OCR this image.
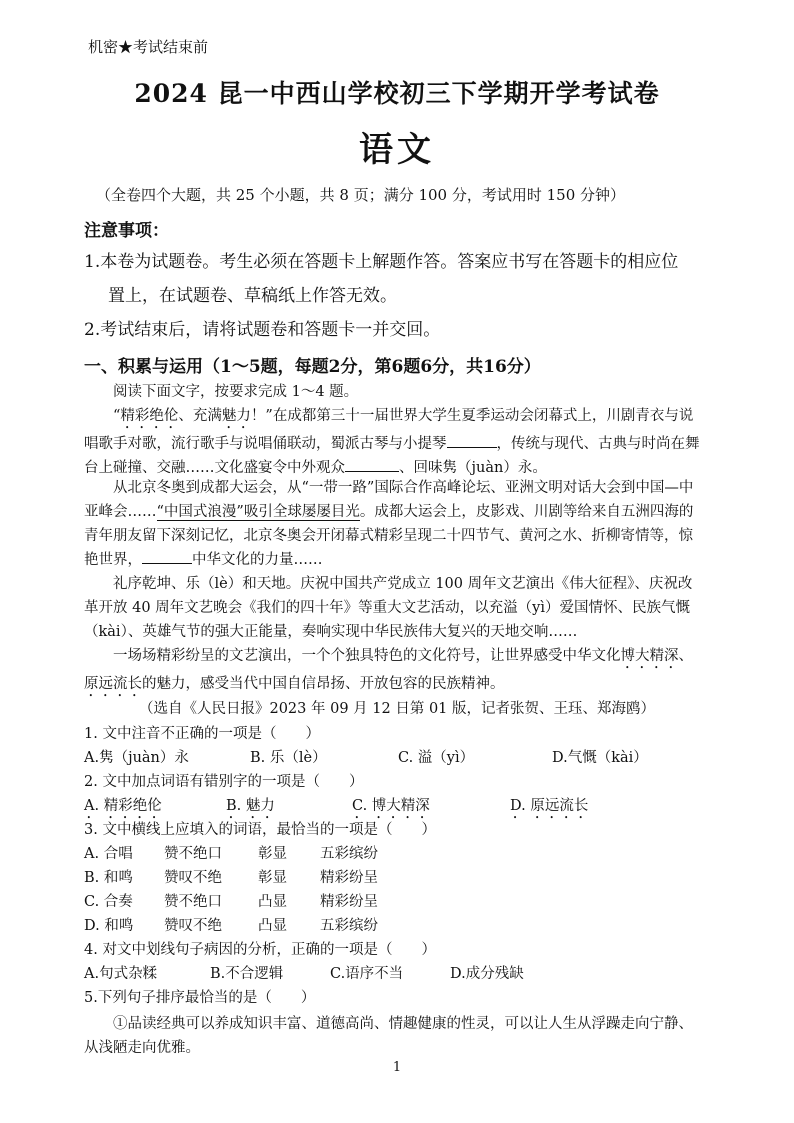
机密★考试结束前
2024 昆一中西山学校初三下学期开学考试卷
语文
（全卷四个大题，共 25 个小题，共 8 页；满分 100 分，考试用时 150 分钟）
注意事项：
1.本卷为试题卷。考生必须在答题卡上解题作答。答案应书写在答题卡的相应位
置上，在试题卷、草稿纸上作答无效。
2.考试结束后，请将试题卷和答题卡一并交回。
一、积累与运用（1～5题，每题2分，第6题6分，共16分）
阅读下面文字，按要求完成 1～4 题。
“精彩绝伦、充满魅力！”在成都第三十一届世界大学生夏季运动会闭幕式上，川剧青衣与说唱歌手对歌，流行歌手与说唱俑联动，蜀派古琴与小提琴	，传统与现代、古典与时尚在舞台上碰撞、交融……文化盛宴令中外观众	、回味隽（juàn）永。
从北京冬奥到成都大运会，从“一带一路”国际合作高峰论坛、亚洲文明对话大会到中国—中亚峰会……“中国式浪漫”吸引全球屡屡目光。成都大运会上，皮影戏、川剧等给来自五洲四海的青年朋友留下深刻记忆，北京冬奥会开闭幕式精彩呈现二十四节气、黄河之水、折柳寄情等，惊艳世界，	中华文化的力量……
礼序乾坤、乐（lè）和天地。庆祝中国共产党成立 100 周年文艺演出《伟大征程》、庆祝改革开放 40 周年文艺晚会《我们的四十年》等重大文艺活动，以充溢（yì）爱国情怀、民族气慨（kài）、英雄气节的强大正能量，奏响实现中华民族伟大复兴的天地交响……
一场场精彩纷呈的文艺演出，一个个独具特色的文化符号，让世界感受中华文化博大精深、原远流长的魅力，感受当代中国自信昂扬、开放包容的民族精神。
（选自《人民日报》2023 年 09 月 12 日第 01 版，记者张贺、王珏、郑海鸥）
1. 文中注音不正确的一项是（　　）
A.隽（juàn）永	B. 乐（lè）	C. 溢（yì）	D.气慨（kài）
2. 文中加点词语有错别字的一项是（　　）
A. 精彩绝伦	B. 魅力	C. 博大精深	D. 原远流长
3. 文中横线上应填入的词语，最恰当的一项是（　　）
A. 合唱 赞不绝口 彰显 五彩缤纷
B. 和鸣 赞叹不绝 彰显 精彩纷呈
C. 合奏 赞不绝口 凸显 精彩纷呈
D. 和鸣 赞叹不绝 凸显 五彩缤纷
4. 对文中划线句子病因的分析，正确的一项是（　　）
A.句式杂糅	B.不合逻辑	C.语序不当	D.成分残缺
5.下列句子排序最恰当的是（　　）
①品读经典可以养成知识丰富、道德高尚、情趣健康的性灵，可以让人生从浮躁走向宁静、从浅陋走向优雅。
1
